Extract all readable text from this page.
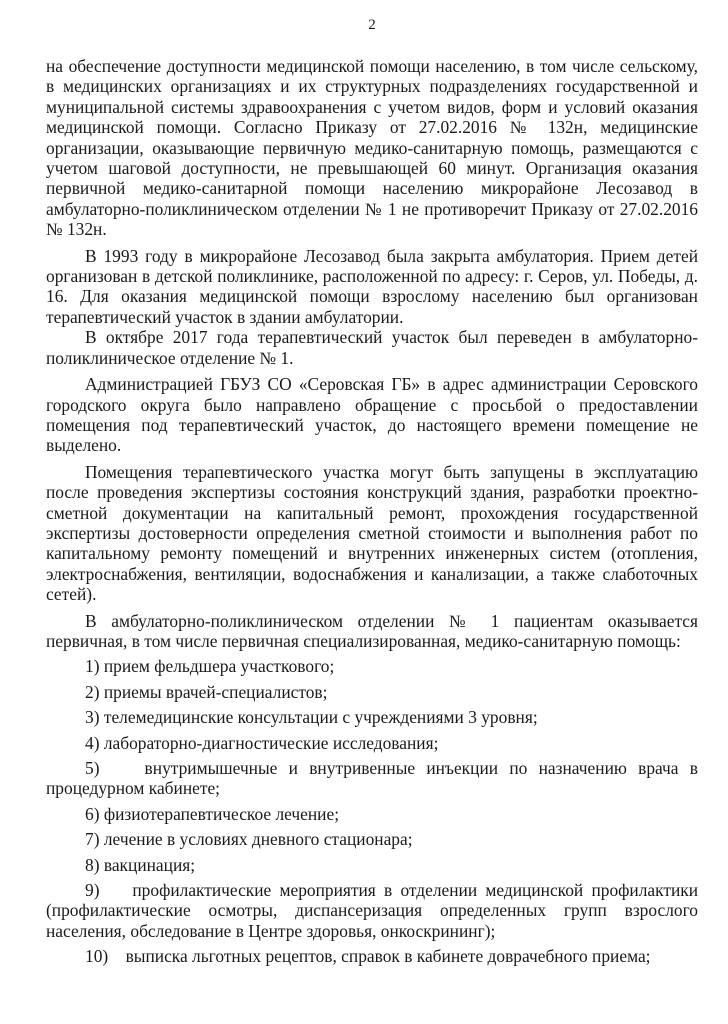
2

на обеспечение доступности медицинской помощи населению, в том числе сельскому, в медицинских организациях и их структурных подразделениях государственной и муниципальной системы здравоохранения с учетом видов, форм и условий оказания медицинской помощи. Согласно Приказу от 27.02.2016 № 132н, медицинские организации, оказывающие первичную медико-санитарную помощь, размещаются с учетом шаговой доступности, не превышающей 60 минут. Организация оказания первичной медико-санитарной помощи населению микрорайоне Лесозавод в амбулаторно-поликлиническом отделении № 1 не противоречит Приказу от 27.02.2016 № 132н.

В 1993 году в микрорайоне Лесозавод была закрыта амбулатория. Прием детей организован в детской поликлинике, расположенной по адресу: г. Серов, ул. Победы, д. 16. Для оказания медицинской помощи взрослому населению был организован терапевтический участок в здании амбулатории.

В октябре 2017 года терапевтический участок был переведен в амбулаторно-поликлиническое отделение № 1.

Администрацией ГБУЗ СО «Серовская ГБ» в адрес администрации Серовского городского округа было направлено обращение с просьбой о предоставлении помещения под терапевтический участок, до настоящего времени помещение не выделено.

Помещения терапевтического участка могут быть запущены в эксплуатацию после проведения экспертизы состояния конструкций здания, разработки проектно-сметной документации на капитальный ремонт, прохождения государственной экспертизы достоверности определения сметной стоимости и выполнения работ по капитальному ремонту помещений и внутренних инженерных систем (отопления, электроснабжения, вентиляции, водоснабжения и канализации, а также слаботочных сетей).

В амбулаторно-поликлиническом отделении № 1 пациентам оказывается первичная, в том числе первичная специализированная, медико-санитарную помощь:

1) прием фельдшера участкового;
2) приемы врачей-специалистов;
3) телемедицинские консультации с учреждениями 3 уровня;
4) лабораторно-диагностические исследования;
5)	внутримышечные и внутривенные инъекции по назначению врача в процедурном кабинете;
6) физиотерапевтическое лечение;
7) лечение в условиях дневного стационара;
8) вакцинация;
9) профилактические мероприятия в отделении медицинской профилактики (профилактические осмотры, диспансеризация определенных групп взрослого населения, обследование в Центре здоровья, онкоскрининг);
10) выписка льготных рецептов, справок в кабинете доврачебного приема;
